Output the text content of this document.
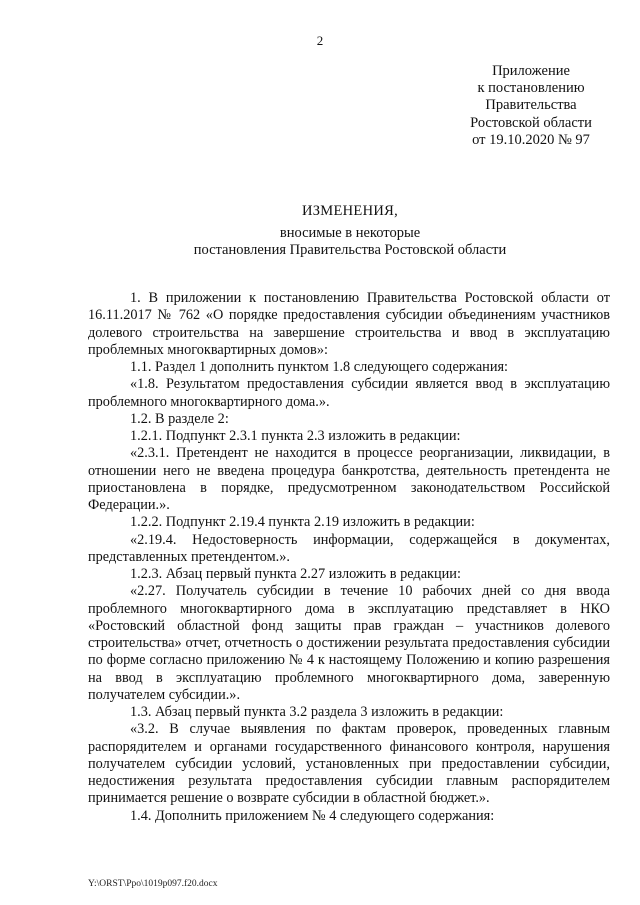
2
Приложение
к постановлению
Правительства
Ростовской области
от 19.10.2020 № 97
ИЗМЕНЕНИЯ,
вносимые в некоторые
постановления Правительства Ростовской области

1. В приложении к постановлению Правительства Ростовской области от 16.11.2017 № 762 «О порядке предоставления субсидии объединениям участников долевого строительства на завершение строительства и ввод в эксплуатацию проблемных многоквартирных домов»:

1.1. Раздел 1 дополнить пунктом 1.8 следующего содержания:

«1.8. Результатом предоставления субсидии является ввод в эксплуатацию проблемного многоквартирного дома.».

1.2. В разделе 2:

1.2.1. Подпункт 2.3.1 пункта 2.3 изложить в редакции:

«2.3.1. Претендент не находится в процессе реорганизации, ликвидации, в отношении него не введена процедура банкротства, деятельность претендента не приостановлена в порядке, предусмотренном законодательством Российской Федерации.».

1.2.2. Подпункт 2.19.4 пункта 2.19 изложить в редакции:

«2.19.4. Недостоверность информации, содержащейся в документах, представленных претендентом.».

1.2.3. Абзац первый пункта 2.27 изложить в редакции:

«2.27. Получатель субсидии в течение 10 рабочих дней со дня ввода проблемного многоквартирного дома в эксплуатацию представляет в НКО «Ростовский областной фонд защиты прав граждан – участников долевого строительства» отчет, отчетность о достижении результата предоставления субсидии по форме согласно приложению № 4 к настоящему Положению и копию разрешения на ввод в эксплуатацию проблемного многоквартирного дома, заверенную получателем субсидии.».

1.3. Абзац первый пункта 3.2 раздела 3 изложить в редакции:

«3.2. В случае выявления по фактам проверок, проведенных главным распорядителем и органами государственного финансового контроля, нарушения получателем субсидии условий, установленных при предоставлении субсидии, недостижения результата предоставления субсидии главным распорядителем принимается решение о возврате субсидии в областной бюджет.».

1.4. Дополнить приложением № 4 следующего содержания:

Y:\ORST\Ppo\1019p097.f20.docx
